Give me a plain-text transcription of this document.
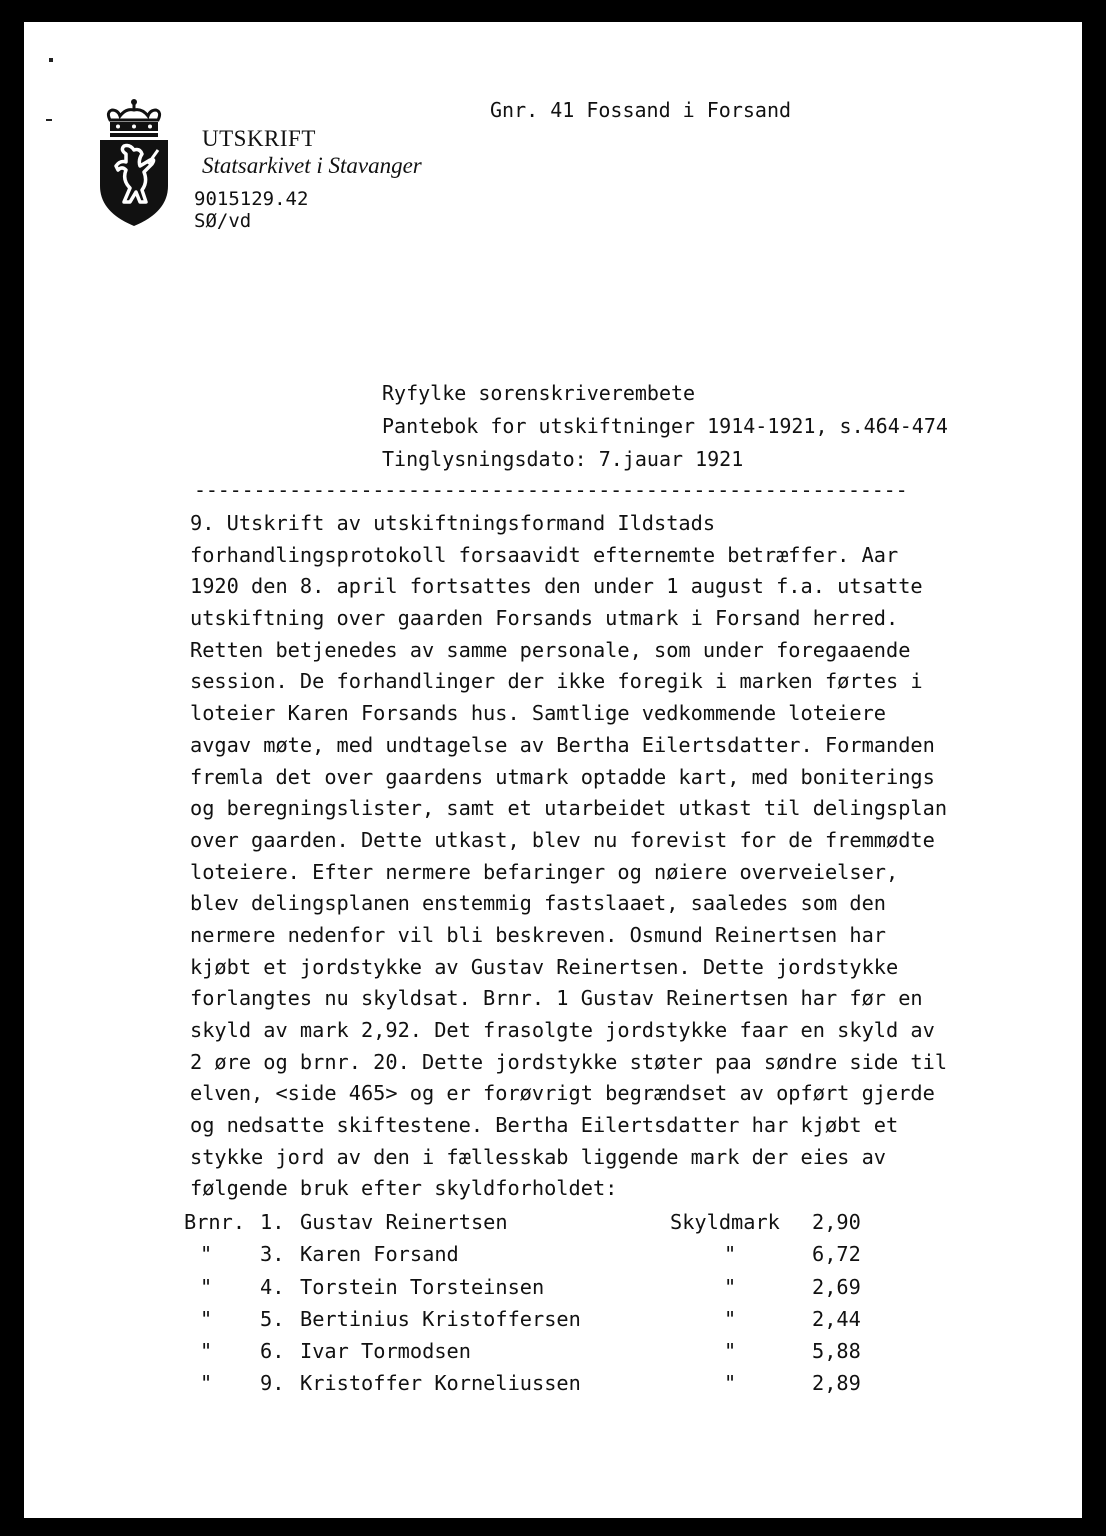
UTSKRIFT
Statsarkivet i Stavanger
9015129.42
SØ/vd
Gnr. 41 Fossand i Forsand
Ryfylke sorenskriverembete
Pantebok for utskiftninger 1914-1921, s.464-474
Tinglysningsdato: 7.jauar 1921
------------------------------------------------------------
9. Utskrift av utskiftningsformand Ildstads
forhandlingsprotokoll forsaavidt efternemte betræffer. Aar
1920 den 8. april fortsattes den under 1 august f.a. utsatte
utskiftning over gaarden Forsands utmark i Forsand herred.
Retten betjenedes av samme personale, som under foregaaende
session. De forhandlinger der ikke foregik i marken førtes i
loteier Karen Forsands hus. Samtlige vedkommende loteiere
avgav møte, med undtagelse av Bertha Eilertsdatter. Formanden
fremla det over gaardens utmark optadde kart, med boniterings
og beregningslister, samt et utarbeidet utkast til delingsplan
over gaarden. Dette utkast, blev nu forevist for de fremmødte
loteiere. Efter nermere befaringer og nøiere overveielser,
blev delingsplanen enstemmig fastslaaet, saaledes som den
nermere nedenfor vil bli beskreven. Osmund Reinertsen har
kjøbt et jordstykke av Gustav Reinertsen. Dette jordstykke
forlangtes nu skyldsat. Brnr. 1 Gustav Reinertsen har før en
skyld av mark 2,92. Det frasolgte jordstykke faar en skyld av
2 øre og brnr. 20. Dette jordstykke støter paa søndre side til
elven, <side 465> og er forøvrigt begrændset av opført gjerde
og nedsatte skiftestene. Bertha Eilertsdatter har kjøbt et
stykke jord av den i fællesskab liggende mark der eies av
følgende bruk efter skyldforholdet:
Brnr. 1. Gustav Reinertsen	Skyldmark 2,90
" 3. Karen Forsand	"	6,72
" 4. Torstein Torsteinsen	"	2,69
" 5. Bertinius Kristoffersen	"	2,44
" 6. Ivar Tormodsen	"	5,88
" 9. Kristoffer Korneliussen	"	2,89
